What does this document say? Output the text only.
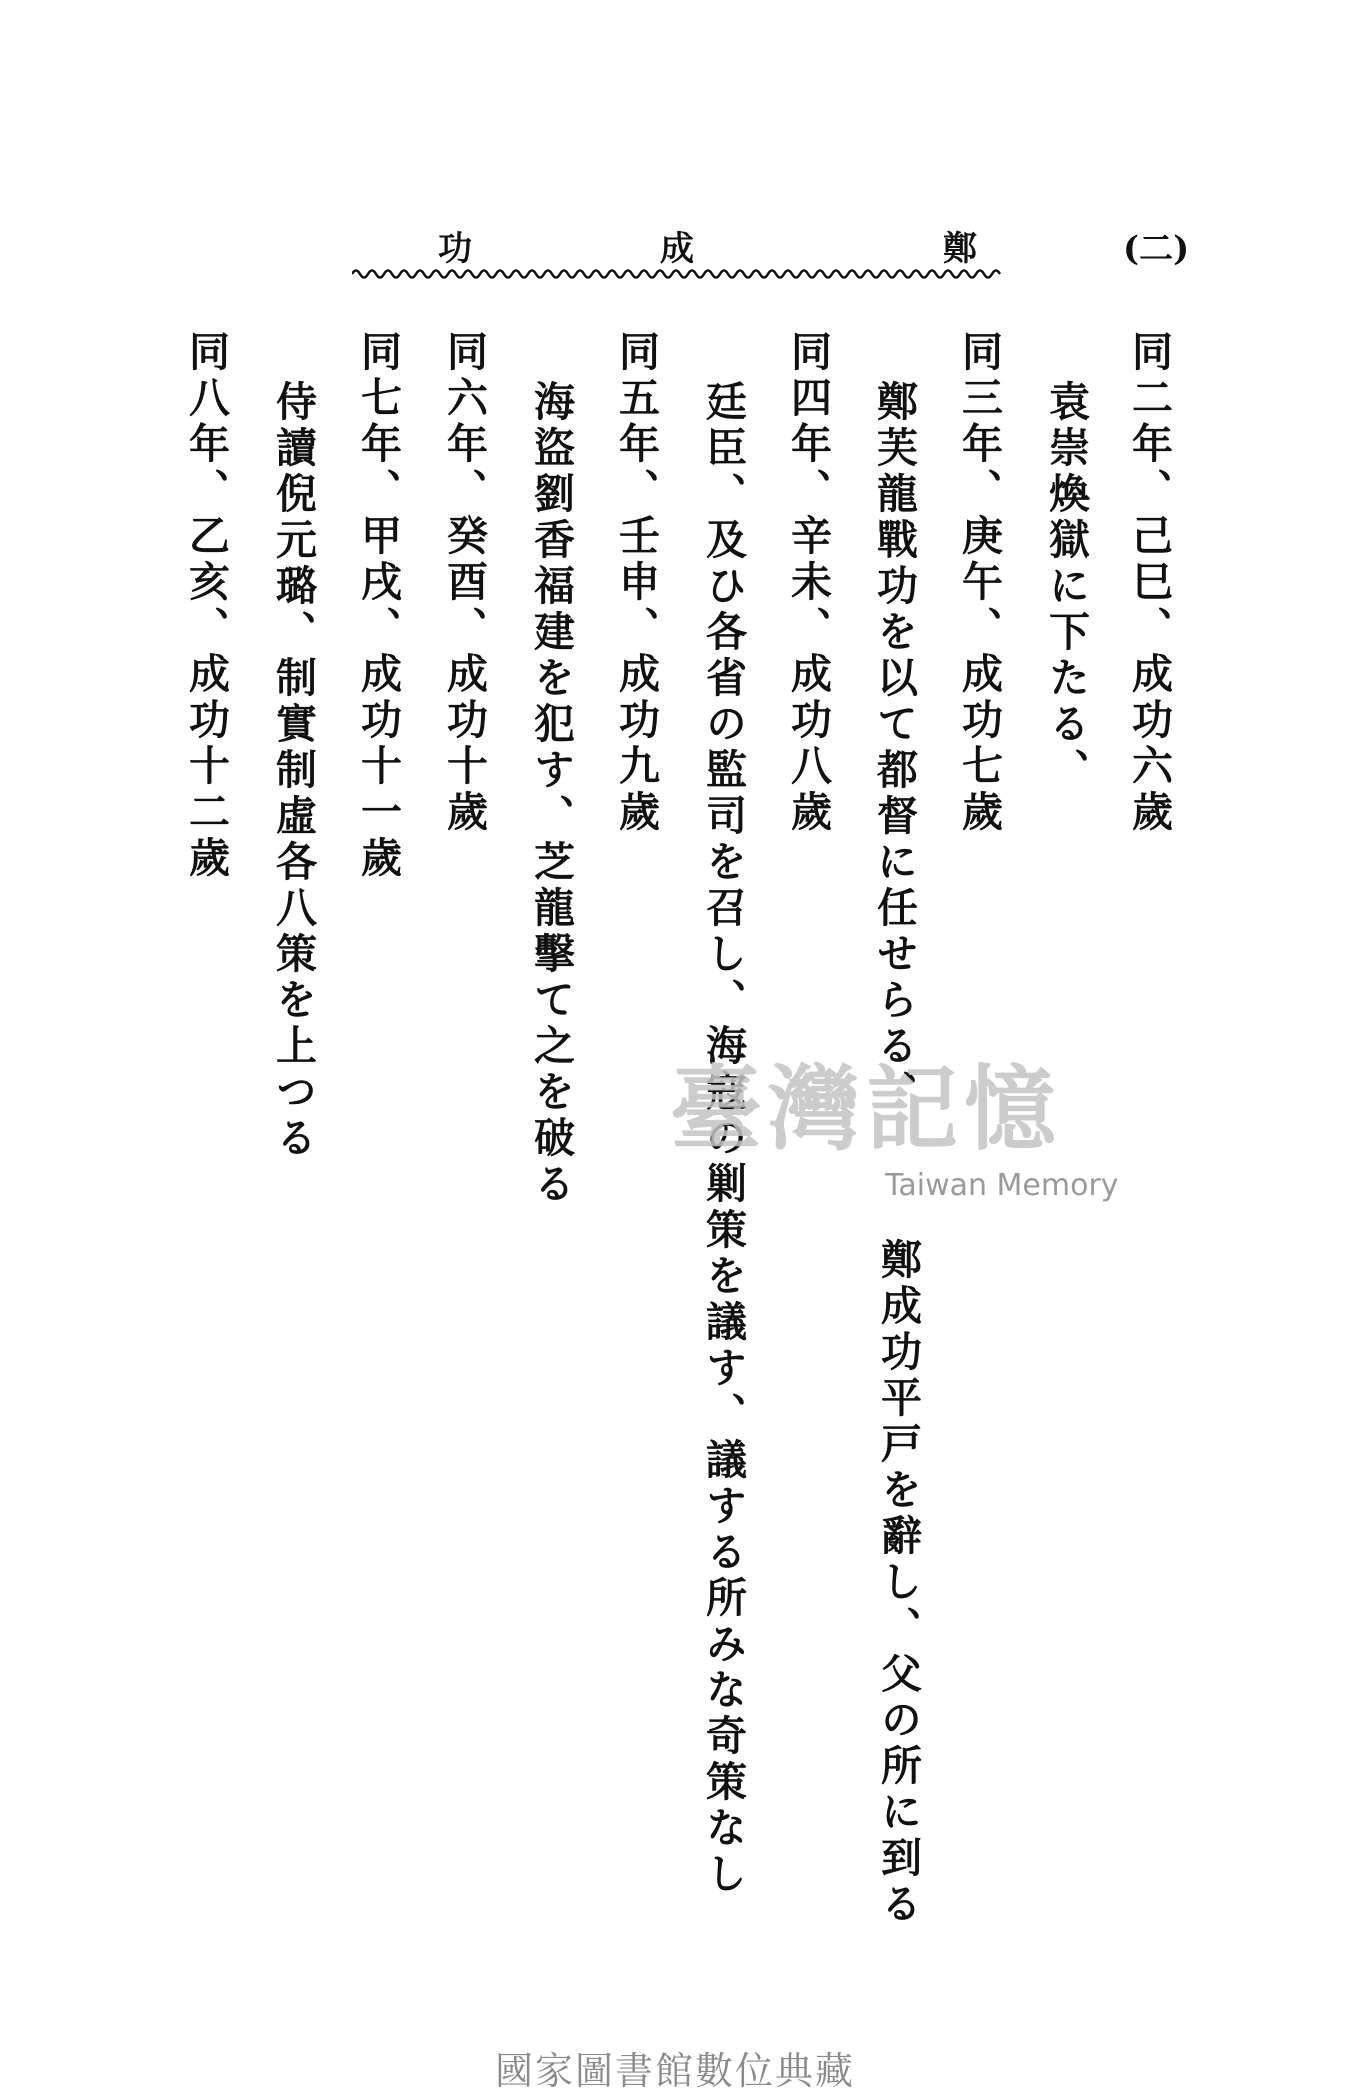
(二)
鄭
成
功
同二年、己巳、成功六歲
袁崇煥獄に下たる、
鄭成功平戸を辭し、父の所に到る
同三年、庚午、成功七歲
鄭芙龍戰功を以て都督に任せらる、
同四年、辛未、成功八歲
廷臣、及ひ各省の監司を召し、海寇の剿策を議す、議する所みな奇策なし
同五年、壬申、成功九歲
海盜劉香福建を犯す、芝龍擊て之を破る
同六年、癸酉、成功十歲
同七年、甲戌、成功十一歲
侍讀倪元璐、制實制虛各八策を上つる
同八年、乙亥、成功十二歲
臺灣記憶
Taiwan Memory
國家圖書館數位典藏
